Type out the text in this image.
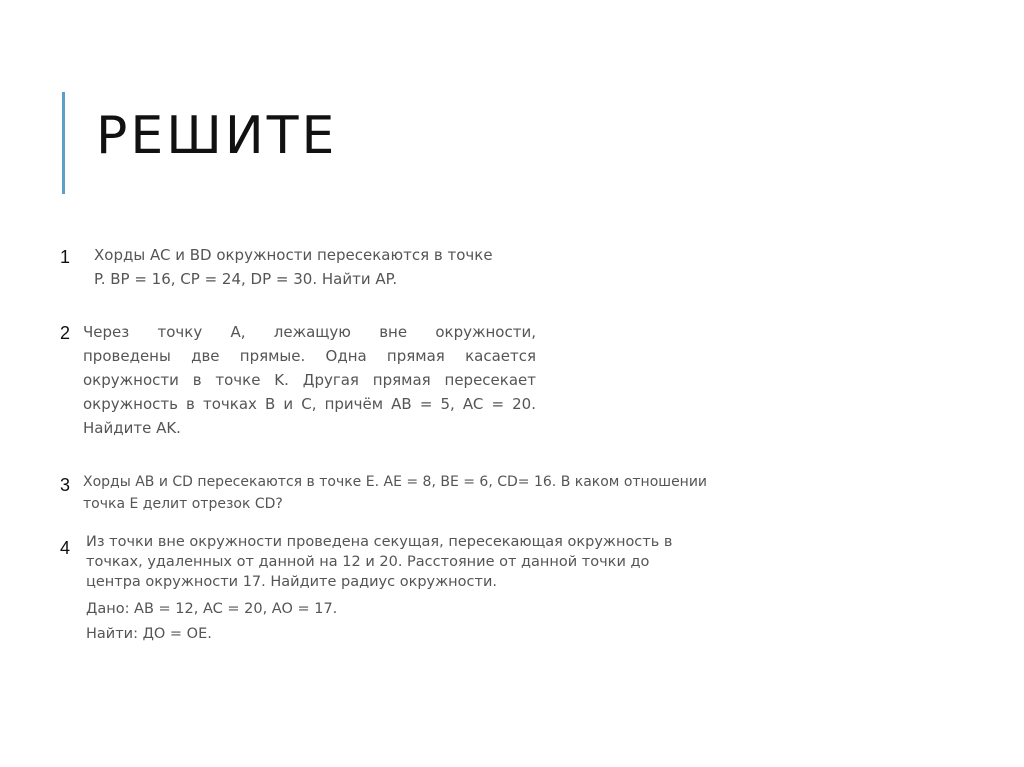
РЕШИТЕ
1 Хорды AC и BD окружности пересекаются в точке

P. BP = 16, CP = 24, DP = 30. Найти AP.

2 Через точку A, лежащую вне окружности,

проведены две прямые. Одна прямая касается

окружности в точке K. Другая прямая пересекает

окружность в точках B и C, причём AB = 5, AC = 20.

Найдите AK.

3 Хорды AB и CD пересекаются в точке E. AE = 8, BE = 6, CD= 16. В каком отношении

точка E делит отрезок CD?

4 Из точки вне окружности проведена секущая, пересекающая окружность в

точках, удаленных от данной на 12 и 20. Расстояние от данной точки до

центра окружности 17. Найдите радиус окружности.

Дано: AB = 12, AC = 20, AO = 17.

Найти: ДО = OE.
